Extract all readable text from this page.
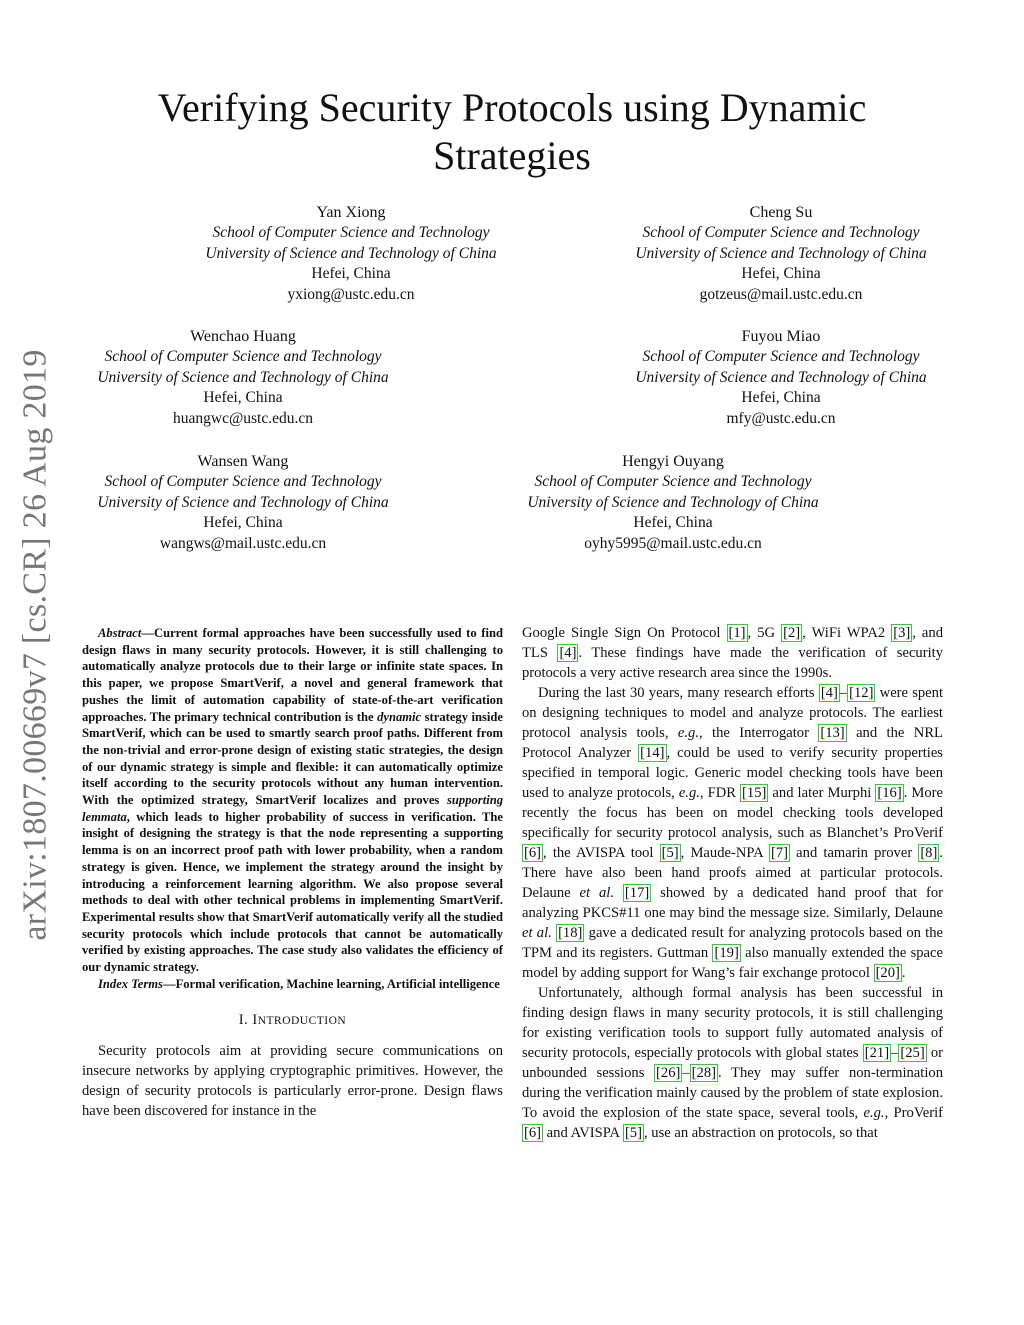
arXiv:1807.00669v7 [cs.CR] 26 Aug 2019
Verifying Security Protocols using Dynamic
Strategies
Yan Xiong
School of Computer Science and Technology
University of Science and Technology of China
Hefei, China
yxiong@ustc.edu.cn
Cheng Su
School of Computer Science and Technology
University of Science and Technology of China
Hefei, China
gotzeus@mail.ustc.edu.cn
Wenchao Huang
School of Computer Science and Technology
University of Science and Technology of China
Hefei, China
huangwc@ustc.edu.cn
Fuyou Miao
School of Computer Science and Technology
University of Science and Technology of China
Hefei, China
mfy@ustc.edu.cn
Wansen Wang
School of Computer Science and Technology
University of Science and Technology of China
Hefei, China
wangws@mail.ustc.edu.cn
Hengyi Ouyang
School of Computer Science and Technology
University of Science and Technology of China
Hefei, China
oyhy5995@mail.ustc.edu.cn

Abstract—Current formal approaches have been successfully used to find design flaws in many security protocols. However, it is still challenging to automatically analyze protocols due to their large or infinite state spaces. In this paper, we propose SmartVerif, a novel and general framework that pushes the limit of automation capability of state-of-the-art verification approaches. The primary technical contribution is the dynamic strategy inside SmartVerif, which can be used to smartly search proof paths. Different from the non-trivial and error-prone design of existing static strategies, the design of our dynamic strategy is simple and flexible: it can automatically optimize itself according to the security protocols without any human intervention. With the optimized strategy, SmartVerif localizes and proves supporting lemmata, which leads to higher probability of success in verification. The insight of designing the strategy is that the node representing a supporting lemma is on an incorrect proof path with lower probability, when a random strategy is given. Hence, we implement the strategy around the insight by introducing a reinforcement learning algorithm. We also propose several methods to deal with other technical problems in implementing SmartVerif. Experimental results show that SmartVerif automatically verify all the studied security protocols which include protocols that cannot be automatically verified by existing approaches. The case study also validates the efficiency of our dynamic strategy.

Index Terms—Formal verification, Machine learning, Artificial intelligence

I. INTRODUCTION

Security protocols aim at providing secure communications on insecure networks by applying cryptographic primitives. However, the design of security protocols is particularly error-prone. Design flaws have been discovered for instance in the

Google Single Sign On Protocol [1] , 5G [2] , WiFi WPA2 [3] , and TLS [4] . These findings have made the verification of security protocols a very active research area since the 1990s.

During the last 30 years, many research efforts [4] – [12] were spent on designing techniques to model and analyze protocols. The earliest protocol analysis tools, e.g., the Interrogator [13] and the NRL Protocol Analyzer [14] , could be used to verify security properties specified in temporal logic. Generic model checking tools have been used to analyze protocols, e.g., FDR [15] and later Murphi [16] . More recently the focus has been on model checking tools developed specifically for security protocol analysis, such as Blanchet’s ProVerif [6] , the AVISPA tool [5] , Maude-NPA [7] and tamarin prover [8] . There have also been hand proofs aimed at particular protocols. Delaune et al. [17] showed by a dedicated hand proof that for analyzing PKCS#11 one may bind the message size. Similarly, Delaune et al. [18] gave a dedicated result for analyzing protocols based on the TPM and its registers. Guttman [19] also manually extended the space model by adding support for Wang’s fair exchange protocol [20] .

Unfortunately, although formal analysis has been successful in finding design flaws in many security protocols, it is still challenging for existing verification tools to support fully automated analysis of security protocols, especially protocols with global states [21] – [25] or unbounded sessions [26] – [28] . They may suffer non-termination during the verification mainly caused by the problem of state explosion. To avoid the explosion of the state space, several tools, e.g., ProVerif [6] and AVISPA [5] , use an abstraction on protocols, so that
